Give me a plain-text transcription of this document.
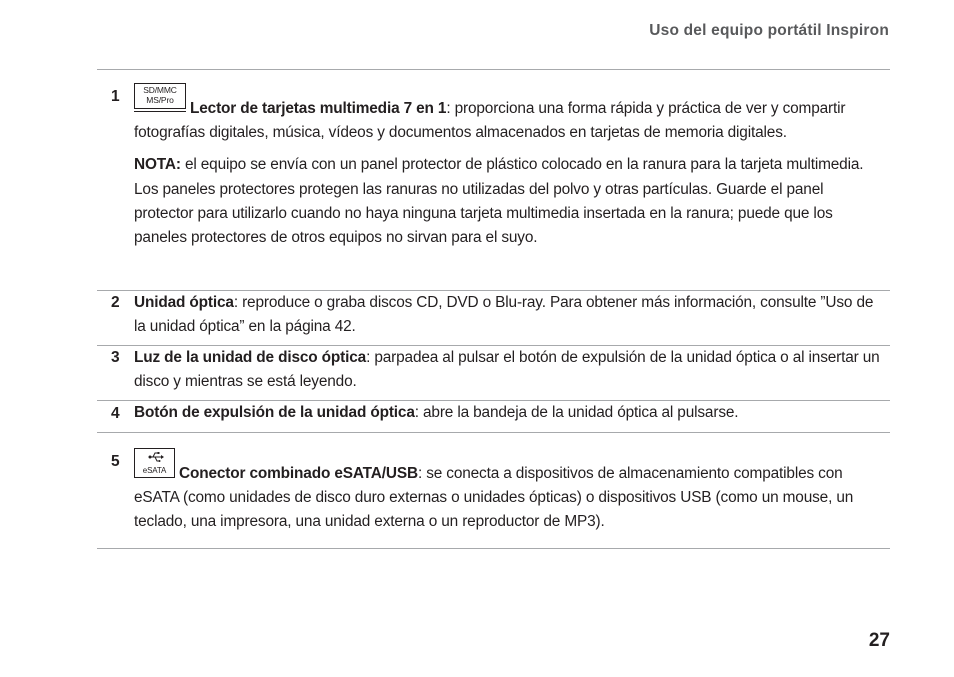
Uso del equipo portátil Inspiron
1	SD/MMC
MS/Pro	Lector de tarjetas multimedia 7 en 1: proporciona una forma rápida y práctica de ver y compartir fotografías digitales, música, vídeos y documentos almacenados en tarjetas de memoria digitales.

NOTA: el equipo se envía con un panel protector de plástico colocado en la ranura para la tarjeta multimedia. Los paneles protectores protegen las ranuras no utilizadas del polvo y otras partículas. Guarde el panel protector para utilizarlo cuando no haya ninguna tarjeta multimedia insertada en la ranura; puede que los paneles protectores de otros equipos no sirvan para el suyo.

2 Unidad óptica: reproduce o graba discos CD, DVD o Blu-ray. Para obtener más información, consulte ”Uso de la unidad óptica” en la página 42.

3 Luz de la unidad de disco óptica: parpadea al pulsar el botón de expulsión de la unidad óptica o al insertar un disco y mientras se está leyendo.

4 Botón de expulsión de la unidad óptica: abre la bandeja de la unidad óptica al pulsarse.

5

eSATA Conector combinado eSATA/USB: se conecta a dispositivos de almacenamiento compatibles con eSATA (como unidades de disco duro externas o unidades ópticas) o dispositivos USB (como un mouse, un teclado, una impresora, una unidad externa o un reproductor de MP3).

27
